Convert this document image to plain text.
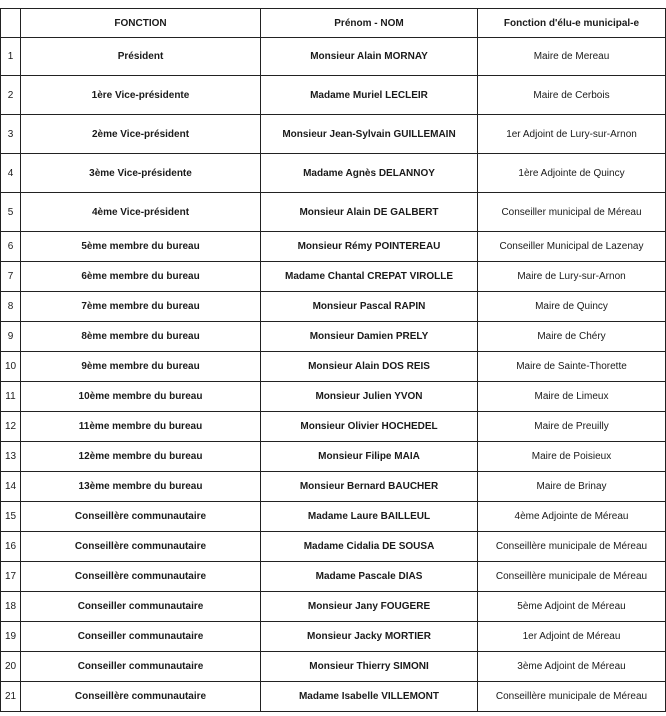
	FONCTION	Prénom - NOM	Fonction d'élu-e municipal-e
1	Président	Monsieur Alain MORNAY	Maire de Mereau
2	1ère Vice-présidente	Madame Muriel LECLEIR	Maire de Cerbois
3	2ème Vice-président	Monsieur Jean-Sylvain GUILLEMAIN	1er Adjoint de Lury-sur-Arnon
4	3ème Vice-présidente	Madame Agnès DELANNOY	1ère Adjointe de Quincy
5	4ème Vice-président	Monsieur Alain DE GALBERT	Conseiller municipal de Méreau
6	5ème membre du bureau	Monsieur Rémy POINTEREAU	Conseiller Municipal de Lazenay
7	6ème membre du bureau	Madame Chantal CREPAT VIROLLE	Maire de Lury-sur-Arnon
8	7ème membre du bureau	Monsieur Pascal RAPIN	Maire de Quincy
9	8ème membre du bureau	Monsieur Damien PRELY	Maire de Chéry
10	9ème membre du bureau	Monsieur Alain DOS REIS	Maire de Sainte-Thorette
11	10ème membre du bureau	Monsieur Julien YVON	Maire de Limeux
12	11ème membre du bureau	Monsieur Olivier HOCHEDEL	Maire de Preuilly
13	12ème membre du bureau	Monsieur Filipe MAIA	Maire de Poisieux
14	13ème membre du bureau	Monsieur Bernard BAUCHER	Maire de Brinay
15	Conseillère communautaire	Madame Laure BAILLEUL	4ème Adjointe de Méreau
16	Conseillère communautaire	Madame Cidalia DE SOUSA	Conseillère municipale de Méreau
17	Conseillère communautaire	Madame Pascale DIAS	Conseillère municipale de Méreau
18	Conseiller communautaire	Monsieur Jany FOUGERE	5ème Adjoint de Méreau
19	Conseiller communautaire	Monsieur Jacky MORTIER	1er Adjoint de Méreau
20	Conseiller communautaire	Monsieur Thierry SIMONI	3ème Adjoint de Méreau
21	Conseillère communautaire	Madame Isabelle VILLEMONT	Conseillère municipale de Méreau
